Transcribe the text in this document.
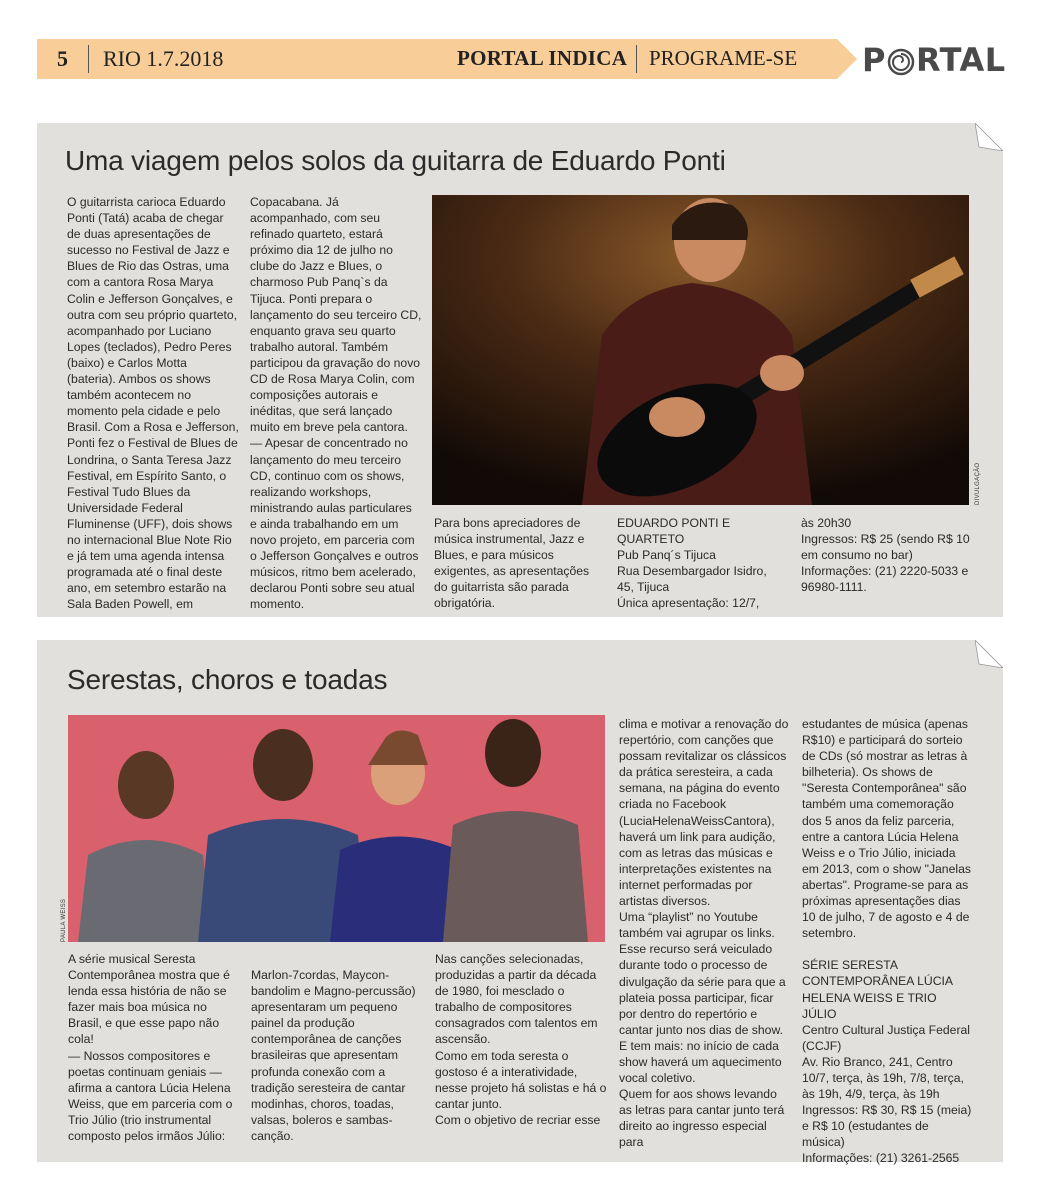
5 RIO 1.7.2018	PORTAL INDICA PROGRAME-SE P RTAL
Uma viagem pelos solos da guitarra de Eduardo Ponti

O guitarrista carioca Eduardo Ponti (Tatá) acaba de chegar de duas apresentações de sucesso no Festival de Jazz e Blues de Rio das Ostras, uma com a cantora Rosa Marya Colin e Jefferson Gonçalves, e outra com seu próprio quarteto, acompanhado por Luciano Lopes (teclados), Pedro Peres (baixo) e Carlos Motta (bateria). Ambos os shows também acontecem no momento pela cidade e pelo Brasil. Com a Rosa e Jefferson, Ponti fez o Festival de Blues de Londrina, o Santa Teresa Jazz Festival, em Espírito Santo, o Festival Tudo Blues da Universidade Federal Fluminense (UFF), dois shows no internacional Blue Note Rio e já tem uma agenda intensa programada até o final deste ano, em setembro estarão na Sala Baden Powell, em

Copacabana. Já acompanhado, com seu refinado quarteto, estará próximo dia 12 de julho no clube do Jazz e Blues, o charmoso Pub Panq`s da Tijuca. Ponti prepara o lançamento do seu terceiro CD, enquanto grava seu quarto trabalho autoral. Também participou da gravação do novo CD de Rosa Marya Colin, com composições autorais e inéditas, que será lançado muito em breve pela cantora.

— Apesar de concentrado no lançamento do meu terceiro CD, continuo com os shows, realizando workshops, ministrando aulas particulares e ainda trabalhando em um novo projeto, em parceria com o Jefferson Gonçalves e outros músicos, ritmo bem acelerado, declarou Ponti sobre seu atual momento.

DIVULGAÇÃO

Para bons apreciadores de música instrumental, Jazz e Blues, e para músicos exigentes, as apresentações do guitarrista são parada obrigatória.

EDUARDO PONTI E QUARTETO

Pub Panq´s Tijuca

Rua Desembargador Isidro, 45, Tijuca

Única apresentação: 12/7,

às 20h30

Ingressos: R$ 25 (sendo R$ 10 em consumo no bar)

Informações: (21) 2220-5033 e 96980-1111.

Serestas, choros e toadas
PAULA WEISS

A série musical Seresta Contemporânea mostra que é lenda essa história de não se fazer mais boa música no Brasil, e que esse papo não cola!

— Nossos compositores e poetas continuam geniais — afirma a cantora Lúcia Helena Weiss, que em parceria com o Trio Júlio (trio instrumental composto pelos irmãos Júlio:

Marlon-7cordas, Maycon-bandolim e Magno-percussão) apresentaram um pequeno painel da produção contemporânea de canções brasileiras que apresentam profunda conexão com a tradição seresteira de cantar modinhas, choros, toadas, valsas, boleros e sambas-canção.

Nas canções selecionadas, produzidas a partir da década de 1980, foi mesclado o trabalho de compositores consagrados com talentos em ascensão.

Como em toda seresta o gostoso é a interatividade, nesse projeto há solistas e há o cantar junto.

Com o objetivo de recriar esse

clima e motivar a renovação do repertório, com canções que possam revitalizar os clássicos da prática seresteira, a cada semana, na página do evento criada no Facebook (LuciaHelenaWeissCantora), haverá um link para audição, com as letras das músicas e interpretações existentes na internet performadas por artistas diversos.

Uma “playlist” no Youtube também vai agrupar os links. Esse recurso será veiculado durante todo o processo de divulgação da série para que a plateia possa participar, ficar por dentro do repertório e cantar junto nos dias de show.

E tem mais: no início de cada show haverá um aquecimento vocal coletivo.

Quem for aos shows levando as letras para cantar junto terá direito ao ingresso especial para

estudantes de música (apenas R$10) e participará do sorteio de CDs (só mostrar as letras à bilheteria). Os shows de "Seresta Contemporânea" são também uma comemoração dos 5 anos da feliz parceria, entre a cantora Lúcia Helena Weiss e o Trio Júlio, iniciada em 2013, com o show "Janelas abertas". Programe-se para as próximas apresentações dias 10 de julho, 7 de agosto e 4 de setembro.

SÉRIE SERESTA CONTEMPORÂNEA LÚCIA HELENA WEISS E TRIO JÚLIO

Centro Cultural Justiça Federal (CCJF)

Av. Rio Branco, 241, Centro

10/7, terça, às 19h, 7/8, terça, às 19h, 4/9, terça, às 19h

Ingressos: R$ 30, R$ 15 (meia) e R$ 10 (estudantes de música)

Informações: (21) 3261-2565
